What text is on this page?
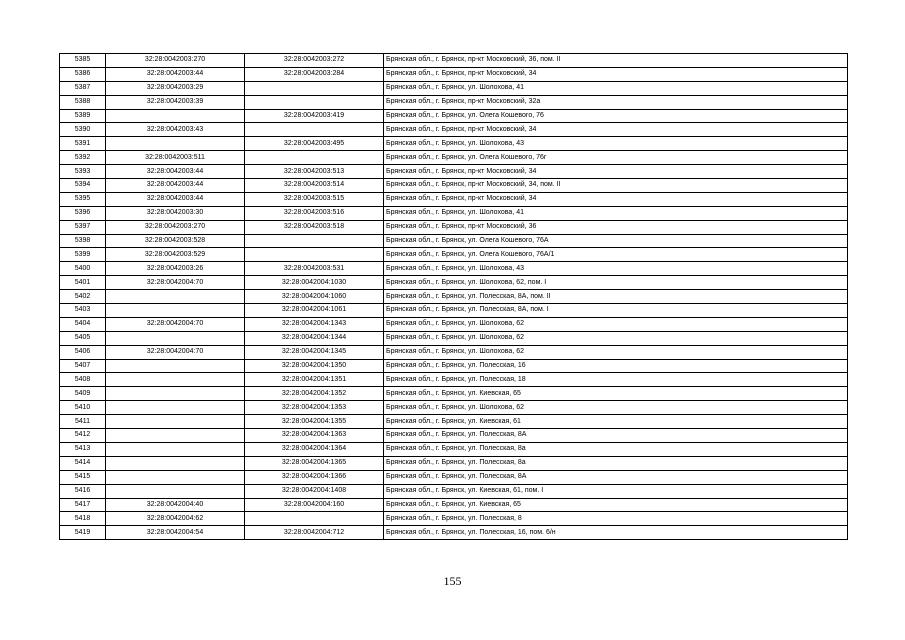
5385	32:28:0042003:270	32:28:0042003:272	Брянская обл., г. Брянск, пр-кт Московский, 36, пом. II
5386	32:28:0042003:44	32:28:0042003:284	Брянская обл., г. Брянск, пр-кт Московский, 34
5387	32:28:0042003:29		Брянская обл., г. Брянск, ул. Шолохова, 41
5388	32:28:0042003:39		Брянская обл., г. Брянск, пр-кт Московский, 32а
5389		32:28:0042003:419	Брянская обл., г. Брянск, ул. Олега Кошевого, 76
5390	32:28:0042003:43		Брянская обл., г. Брянск, пр-кт Московский, 34
5391		32:28:0042003:495	Брянская обл., г. Брянск, ул. Шолохова, 43
5392	32:28:0042003:511		Брянская обл., г. Брянск, ул. Олега Кошевого, 76г
5393	32:28:0042003:44	32:28:0042003:513	Брянская обл., г. Брянск, пр-кт Московский, 34
5394	32:28:0042003:44	32:28:0042003:514	Брянская обл., г. Брянск, пр-кт Московский, 34, пом. II
5395	32:28:0042003:44	32:28:0042003:515	Брянская обл., г. Брянск, пр-кт Московский, 34
5396	32:28:0042003:30	32:28:0042003:516	Брянская обл., г. Брянск, ул. Шолохова, 41
5397	32:28:0042003:270	32:28:0042003:518	Брянская обл., г. Брянск, пр-кт Московский, 36
5398	32:28:0042003:528		Брянская обл., г. Брянск, ул. Олега Кошевого, 76А
5399	32:28:0042003:529		Брянская обл., г. Брянск, ул. Олега Кошевого, 76А/1
5400	32:28:0042003:26	32:28:0042003:531	Брянская обл., г. Брянск, ул. Шолохова, 43
5401	32:28:0042004:70	32:28:0042004:1030	Брянская обл., г. Брянск, ул. Шолохова, 62, пом. I
5402		32:28:0042004:1060	Брянская обл., г. Брянск, ул. Полесская, 8А, пом. II
5403		32:28:0042004:1061	Брянская обл., г. Брянск, ул. Полесская, 8А, пом. I
5404	32:28:0042004:70	32:28:0042004:1343	Брянская обл., г. Брянск, ул. Шолохова, 62
5405		32:28:0042004:1344	Брянская обл., г. Брянск, ул. Шолохова, 62
5406	32:28:0042004:70	32:28:0042004:1345	Брянская обл., г. Брянск, ул. Шолохова, 62
5407		32:28:0042004:1350	Брянская обл., г. Брянск, ул. Полесская, 16
5408		32:28:0042004:1351	Брянская обл., г. Брянск, ул. Полесская, 18
5409		32:28:0042004:1352	Брянская обл., г. Брянск, ул. Киевская, 65
5410		32:28:0042004:1353	Брянская обл., г. Брянск, ул. Шолохова, 62
5411		32:28:0042004:1355	Брянская обл., г. Брянск, ул. Киевская, 61
5412		32:28:0042004:1363	Брянская обл., г. Брянск, ул. Полесская, 8А
5413		32:28:0042004:1364	Брянская обл., г. Брянск, ул. Полесская, 8а
5414		32:28:0042004:1365	Брянская обл., г. Брянск, ул. Полесская, 8а
5415		32:28:0042004:1366	Брянская обл., г. Брянск, ул. Полесская, 8А
5416		32:28:0042004:1408	Брянская обл., г. Брянск, ул. Киевская, 61, пом. I
5417	32:28:0042004:40	32:28:0042004:160	Брянская обл., г. Брянск, ул. Киевская, 65
5418	32:28:0042004:62		Брянская обл., г. Брянск, ул. Полесская, 8
5419	32:28:0042004:54	32:28:0042004:712	Брянская обл., г. Брянск, ул. Полесская, 16, пом. 6/н
155
